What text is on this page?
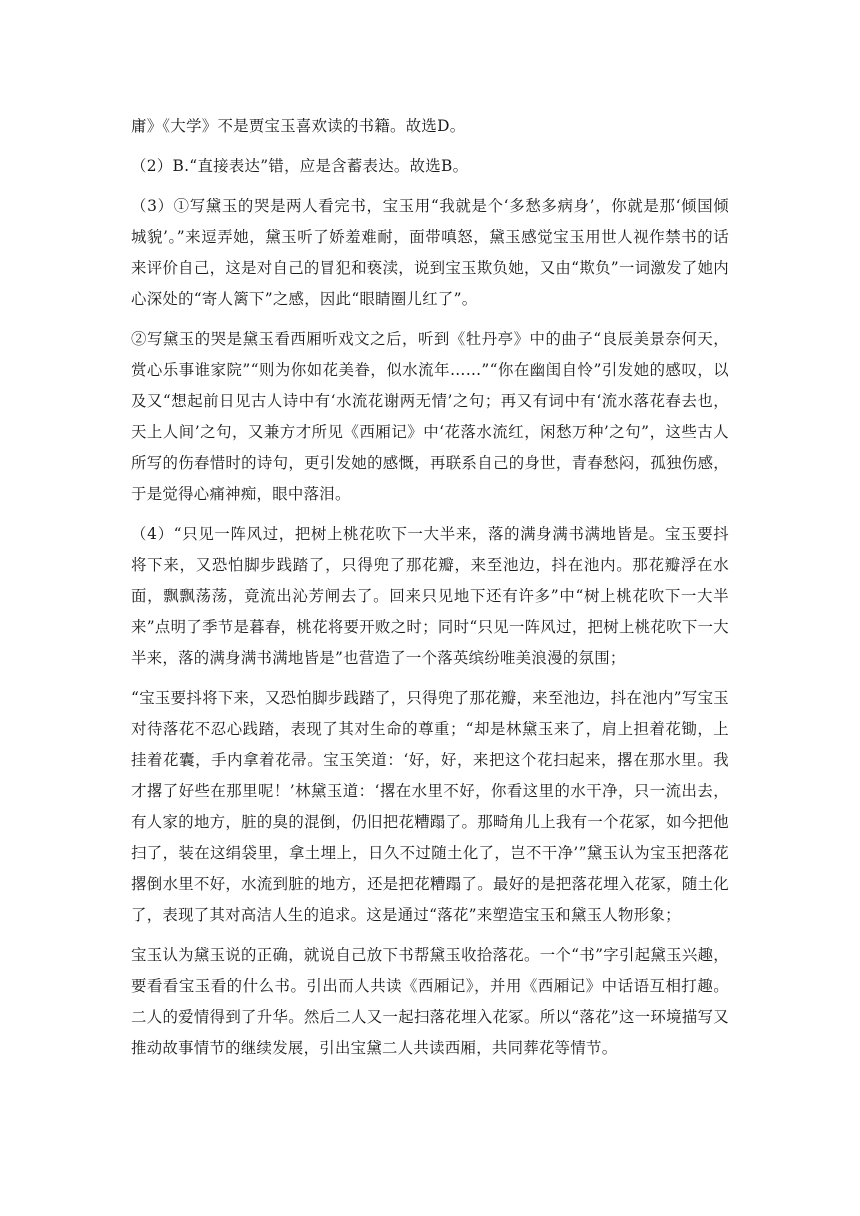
庸》《大学》不是贾宝玉喜欢读的书籍。故选D。

（2）B.“直接表达”错，应是含蓄表达。故选B。

（3）①写黛玉的哭是两人看完书，宝玉用“我就是个‘多愁多病身’，你就是那‘倾国倾城貌’。”来逗弄她，黛玉听了娇羞难耐，面带嗔怒，黛玉感觉宝玉用世人视作禁书的话来评价自己，这是对自己的冒犯和亵渎，说到宝玉欺负她，又由“欺负”一词激发了她内心深处的“寄人篱下”之感，因此“眼睛圈儿红了”。

②写黛玉的哭是黛玉看西厢听戏文之后，听到《牡丹亭》中的曲子“良辰美景奈何天，赏心乐事谁家院”“则为你如花美眷，似水流年……”“你在幽闺自怜”引发她的感叹，以及又“想起前日见古人诗中有‘水流花谢两无情’之句；再又有词中有‘流水落花春去也，天上人间’之句，又兼方才所见《西厢记》中‘花落水流红，闲愁万种’之句”，这些古人所写的伤春惜时的诗句，更引发她的感慨，再联系自己的身世，青春愁闷，孤独伤感，于是觉得心痛神痴，眼中落泪。

（4）“只见一阵风过，把树上桃花吹下一大半来，落的满身满书满地皆是。宝玉要抖将下来，又恐怕脚步践踏了，只得兜了那花瓣，来至池边，抖在池内。那花瓣浮在水面，飘飘荡荡，竟流出沁芳闸去了。回来只见地下还有许多”中“树上桃花吹下一大半来”点明了季节是暮春，桃花将要开败之时；同时“只见一阵风过，把树上桃花吹下一大半来，落的满身满书满地皆是”也营造了一个落英缤纷唯美浪漫的氛围；

“宝玉要抖将下来，又恐怕脚步践踏了，只得兜了那花瓣，来至池边，抖在池内”写宝玉对待落花不忍心践踏，表现了其对生命的尊重；“却是林黛玉来了，肩上担着花锄，上挂着花囊，手内拿着花帚。宝玉笑道：‘好，好，来把这个花扫起来，撂在那水里。我才撂了好些在那里呢！’林黛玉道：‘撂在水里不好，你看这里的水干净，只一流出去，有人家的地方，脏的臭的混倒，仍旧把花糟蹋了。那畸角儿上我有一个花冢，如今把他扫了，装在这绢袋里，拿土埋上，日久不过随土化了，岂不干净’”黛玉认为宝玉把落花撂倒水里不好，水流到脏的地方，还是把花糟蹋了。最好的是把落花埋入花冢，随土化了，表现了其对高洁人生的追求。这是通过“落花”来塑造宝玉和黛玉人物形象；

宝玉认为黛玉说的正确，就说自己放下书帮黛玉收拾落花。一个“书”字引起黛玉兴趣，要看看宝玉看的什么书。引出而人共读《西厢记》，并用《西厢记》中话语互相打趣。二人的爱情得到了升华。然后二人又一起扫落花埋入花冢。所以“落花”这一环境描写又推动故事情节的继续发展，引出宝黛二人共读西厢，共同葬花等情节。
